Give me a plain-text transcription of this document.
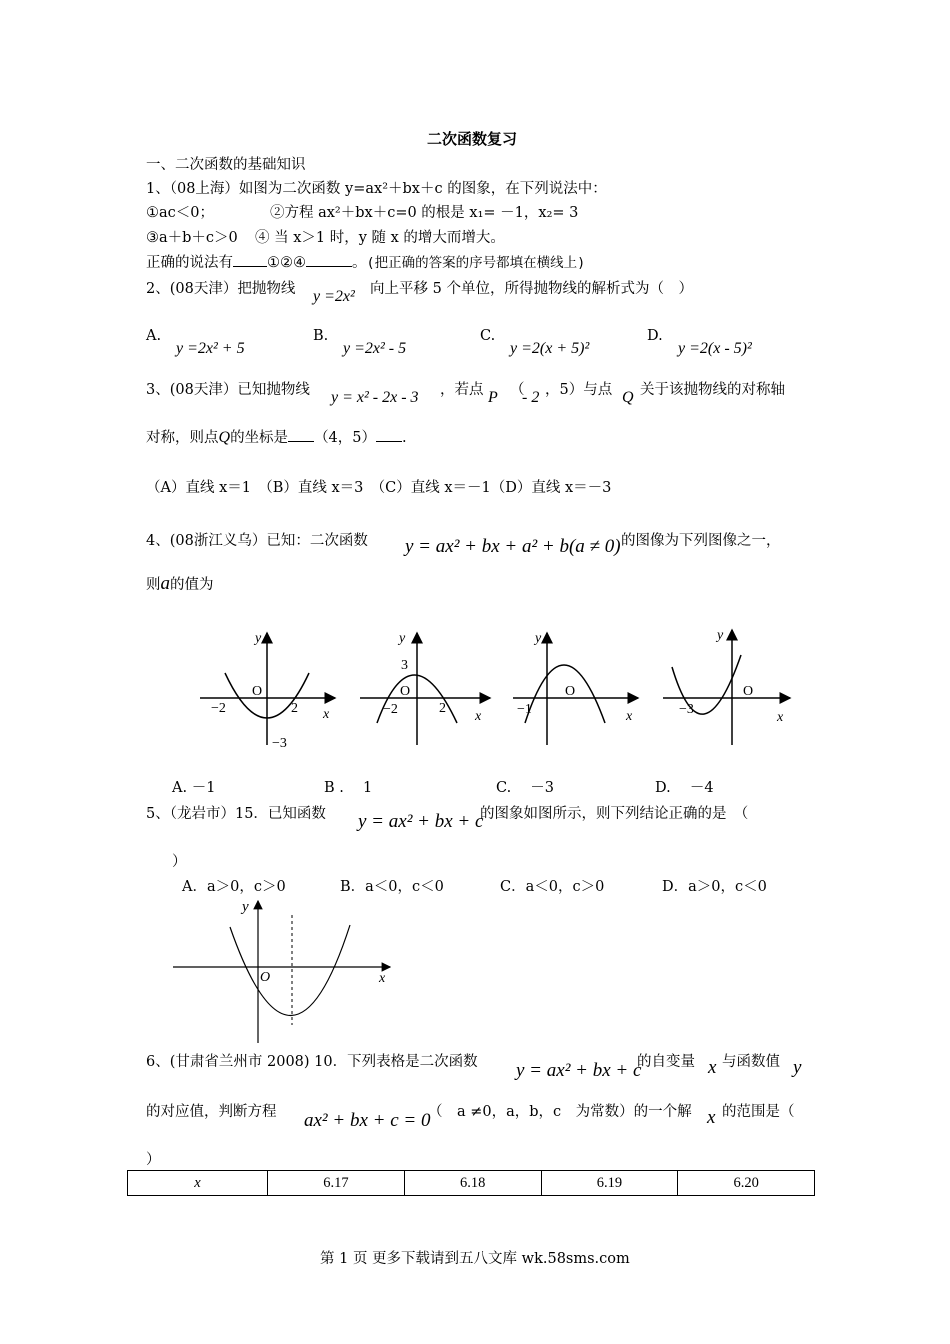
二次函数复习
一、二次函数的基础知识
1、（08上海）如图为二次函数 y=ax²＋bx＋c 的图象，在下列说法中：
①ac＜0；	②方程 ax²＋bx＋c=0 的根是 x₁= －1，x₂= 3
③a＋b＋c＞0 ④ 当 x＞1 时，y 随 x 的增大而增大。
正确的说法有 ①②④	。(把正确的答案的序号都填在横线上)
2、(08天津）把抛物线 y =2x² 向上平移 5 个单位，所得抛物线的解析式为（　）
A.
y =2x² + 5
B.
y =2x² - 5
C.
y =2(x + 5)²
D.
y =2(x - 5)²
3、(08天津）已知抛物线 y = x² - 2x - 3 ，若点 P （
- 2 ，5）与点 Q 关于该抛物线的对称轴
对称，则点Q的坐标是 （4，5） .
（A）直线 x＝1　（B）直线 x＝3　（C）直线 x＝－1（D）直线 x＝－3
4、(08浙江义乌）已知：二次函数 y = ax² + bx + a² + b(a ≠ 0) 的图像为下列图像之一，
则a的值为
y
x
O
−2	2
−3
y
x
O
3
−2	2
y
x
O
−1
y
x
O
−3
A. －1	B . 　1	C. 　－3	D. 　－4
5、（龙岩市）15．已知函数 y = ax² + bx + c
的图象如图所示，则下列结论正确的是　（
）
A．a＞0，c＞0	B．a＜0，c＜0	C．a＜0，c＞0	D．a＞0，c＜0
y
x
O
6、(甘肃省兰州市 2008) 10．下列表格是二次函数 y = ax² + bx + c
的自变量 x 与函数值 y
的对应值，判断方程 ax² + bx + c = 0
（　a ≠0，a，b，c　为常数）的一个解 x 的范围是（
）
x	6.17	6.18	6.19	6.20
第 1 页 更多下载请到五八文库 wk.58sms.com
